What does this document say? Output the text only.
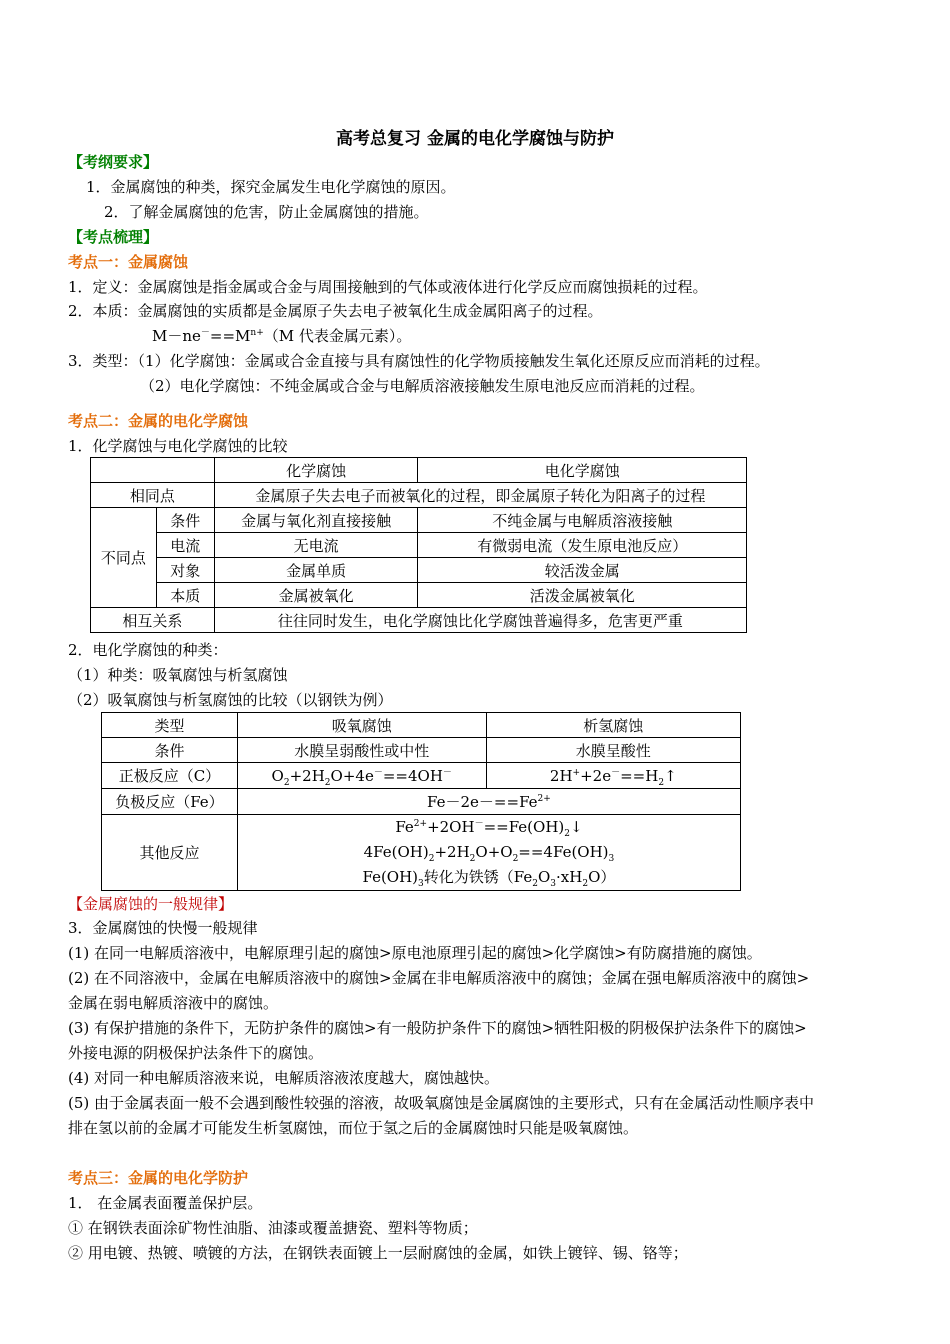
高考总复习 金属的电化学腐蚀与防护
【考纲要求】
1．金属腐蚀的种类，探究金属发生电化学腐蚀的原因。
2．了解金属腐蚀的危害，防止金属腐蚀的措施。
【考点梳理】
考点一：金属腐蚀
1．定义：金属腐蚀是指金属或合金与周围接触到的气体或液体进行化学反应而腐蚀损耗的过程。
2．本质：金属腐蚀的实质都是金属原子失去电子被氧化生成金属阳离子的过程。
$M-ne^-==M^{n+}(M$ 代表金属元素）。
3．类型：（1）化学腐蚀：金属或合金直接与具有腐蚀性的化学物质接触发生氧化还原反应而消耗的过程。
（2）电化学腐蚀：不纯金属或合金与电解质溶液接触发生原电池反应而消耗的过程。
考点二：金属的电化学腐蚀
1．化学腐蚀与电化学腐蚀的比较
		化学腐蚀	电化学腐蚀
相同点		金属原子失去电子而被氧化的过程，即金属原子转化为阳离子的过程	
不同点	条件	金属与氧化剂直接接触	不纯金属与电解质溶液接触
	电流	无电流	有微弱电流（发生原电池反应）
	对象	金属单质	较活泼金属
	本质	金属被氧化	活泼金属被氧化
相互关系		往往同时发生，电化学腐蚀比化学腐蚀普遍得多，危害更严重	
2．电化学腐蚀的种类：
（1）种类：吸氧腐蚀与析氢腐蚀
（2）吸氧腐蚀与析氢腐蚀的比较（以钢铁为例）
类型	吸氧腐蚀	析氢腐蚀
条件	水膜呈弱酸性或中性	水膜呈酸性
正极反应（C）	$O_2+2H_2O+4e^-==4OH^-$	$2H^++2e^-==H_2↑$
负极反应（Fe）	$Fe-2e-==Fe^{2+}$
其他反应	$Fe^{2+}+2OH^-==Fe(OH)_2↓$
$4Fe(OH)_2+2H_2O+O_2==4Fe(OH)_3$
$Fe(OH)_3$转化为铁锈$(Fe_2O_3\cdot xH_2O)$	
【金属腐蚀的一般规律】
3．金属腐蚀的快慢一般规律
(1) 在同一电解质溶液中，电解原理引起的腐蚀>原电池原理引起的腐蚀>化学腐蚀>有防腐措施的腐蚀。
(2) 在不同溶液中，金属在电解质溶液中的腐蚀>金属在非电解质溶液中的腐蚀；金属在强电解质溶液中的腐蚀>
金属在弱电解质溶液中的腐蚀。
(3) 有保护措施的条件下，无防护条件的腐蚀>有一般防护条件下的腐蚀>牺牲阳极的阴极保护法条件下的腐蚀>
外接电源的阴极保护法条件下的腐蚀。
(4) 对同一种电解质溶液来说，电解质溶液浓度越大，腐蚀越快。
(5) 由于金属表面一般不会遇到酸性较强的溶液，故吸氧腐蚀是金属腐蚀的主要形式，只有在金属活动性顺序表中
排在氢以前的金属才可能发生析氢腐蚀，而位于氢之后的金属腐蚀时只能是吸氧腐蚀。
考点三：金属的电化学防护
1． 在金属表面覆盖保护层。
① 在钢铁表面涂矿物性油脂、油漆或覆盖搪瓷、塑料等物质；
② 用电镀、热镀、喷镀的方法，在钢铁表面镀上一层耐腐蚀的金属，如铁上镀锌、锡、铬等；
